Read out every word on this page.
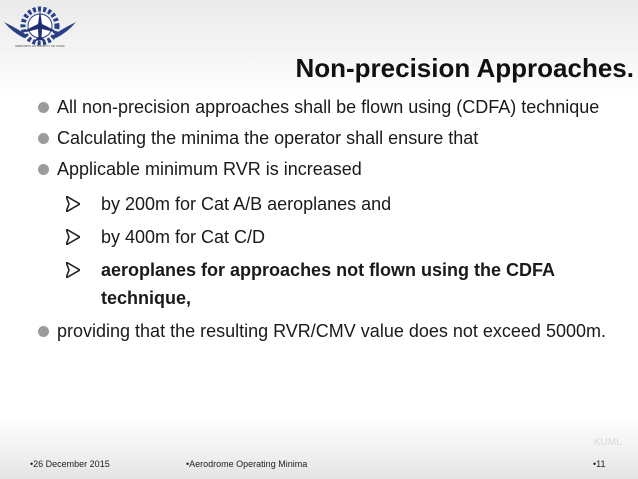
AIRPORTS AUTHORITY OF INDIA
Non-precision Approaches.
All non-precision approaches shall be flown using (CDFA) technique
Calculating the minima the operator shall ensure that
Applicable minimum RVR is increased
by 200m for Cat A/B aeroplanes and
by 400m for Cat C/D
aeroplanes for approaches not flown using the CDFA technique,
providing that the resulting RVR/CMV value does not exceed 5000m.
KUML
•26 December 2015	•Aerodrome Operating Minima	•11
